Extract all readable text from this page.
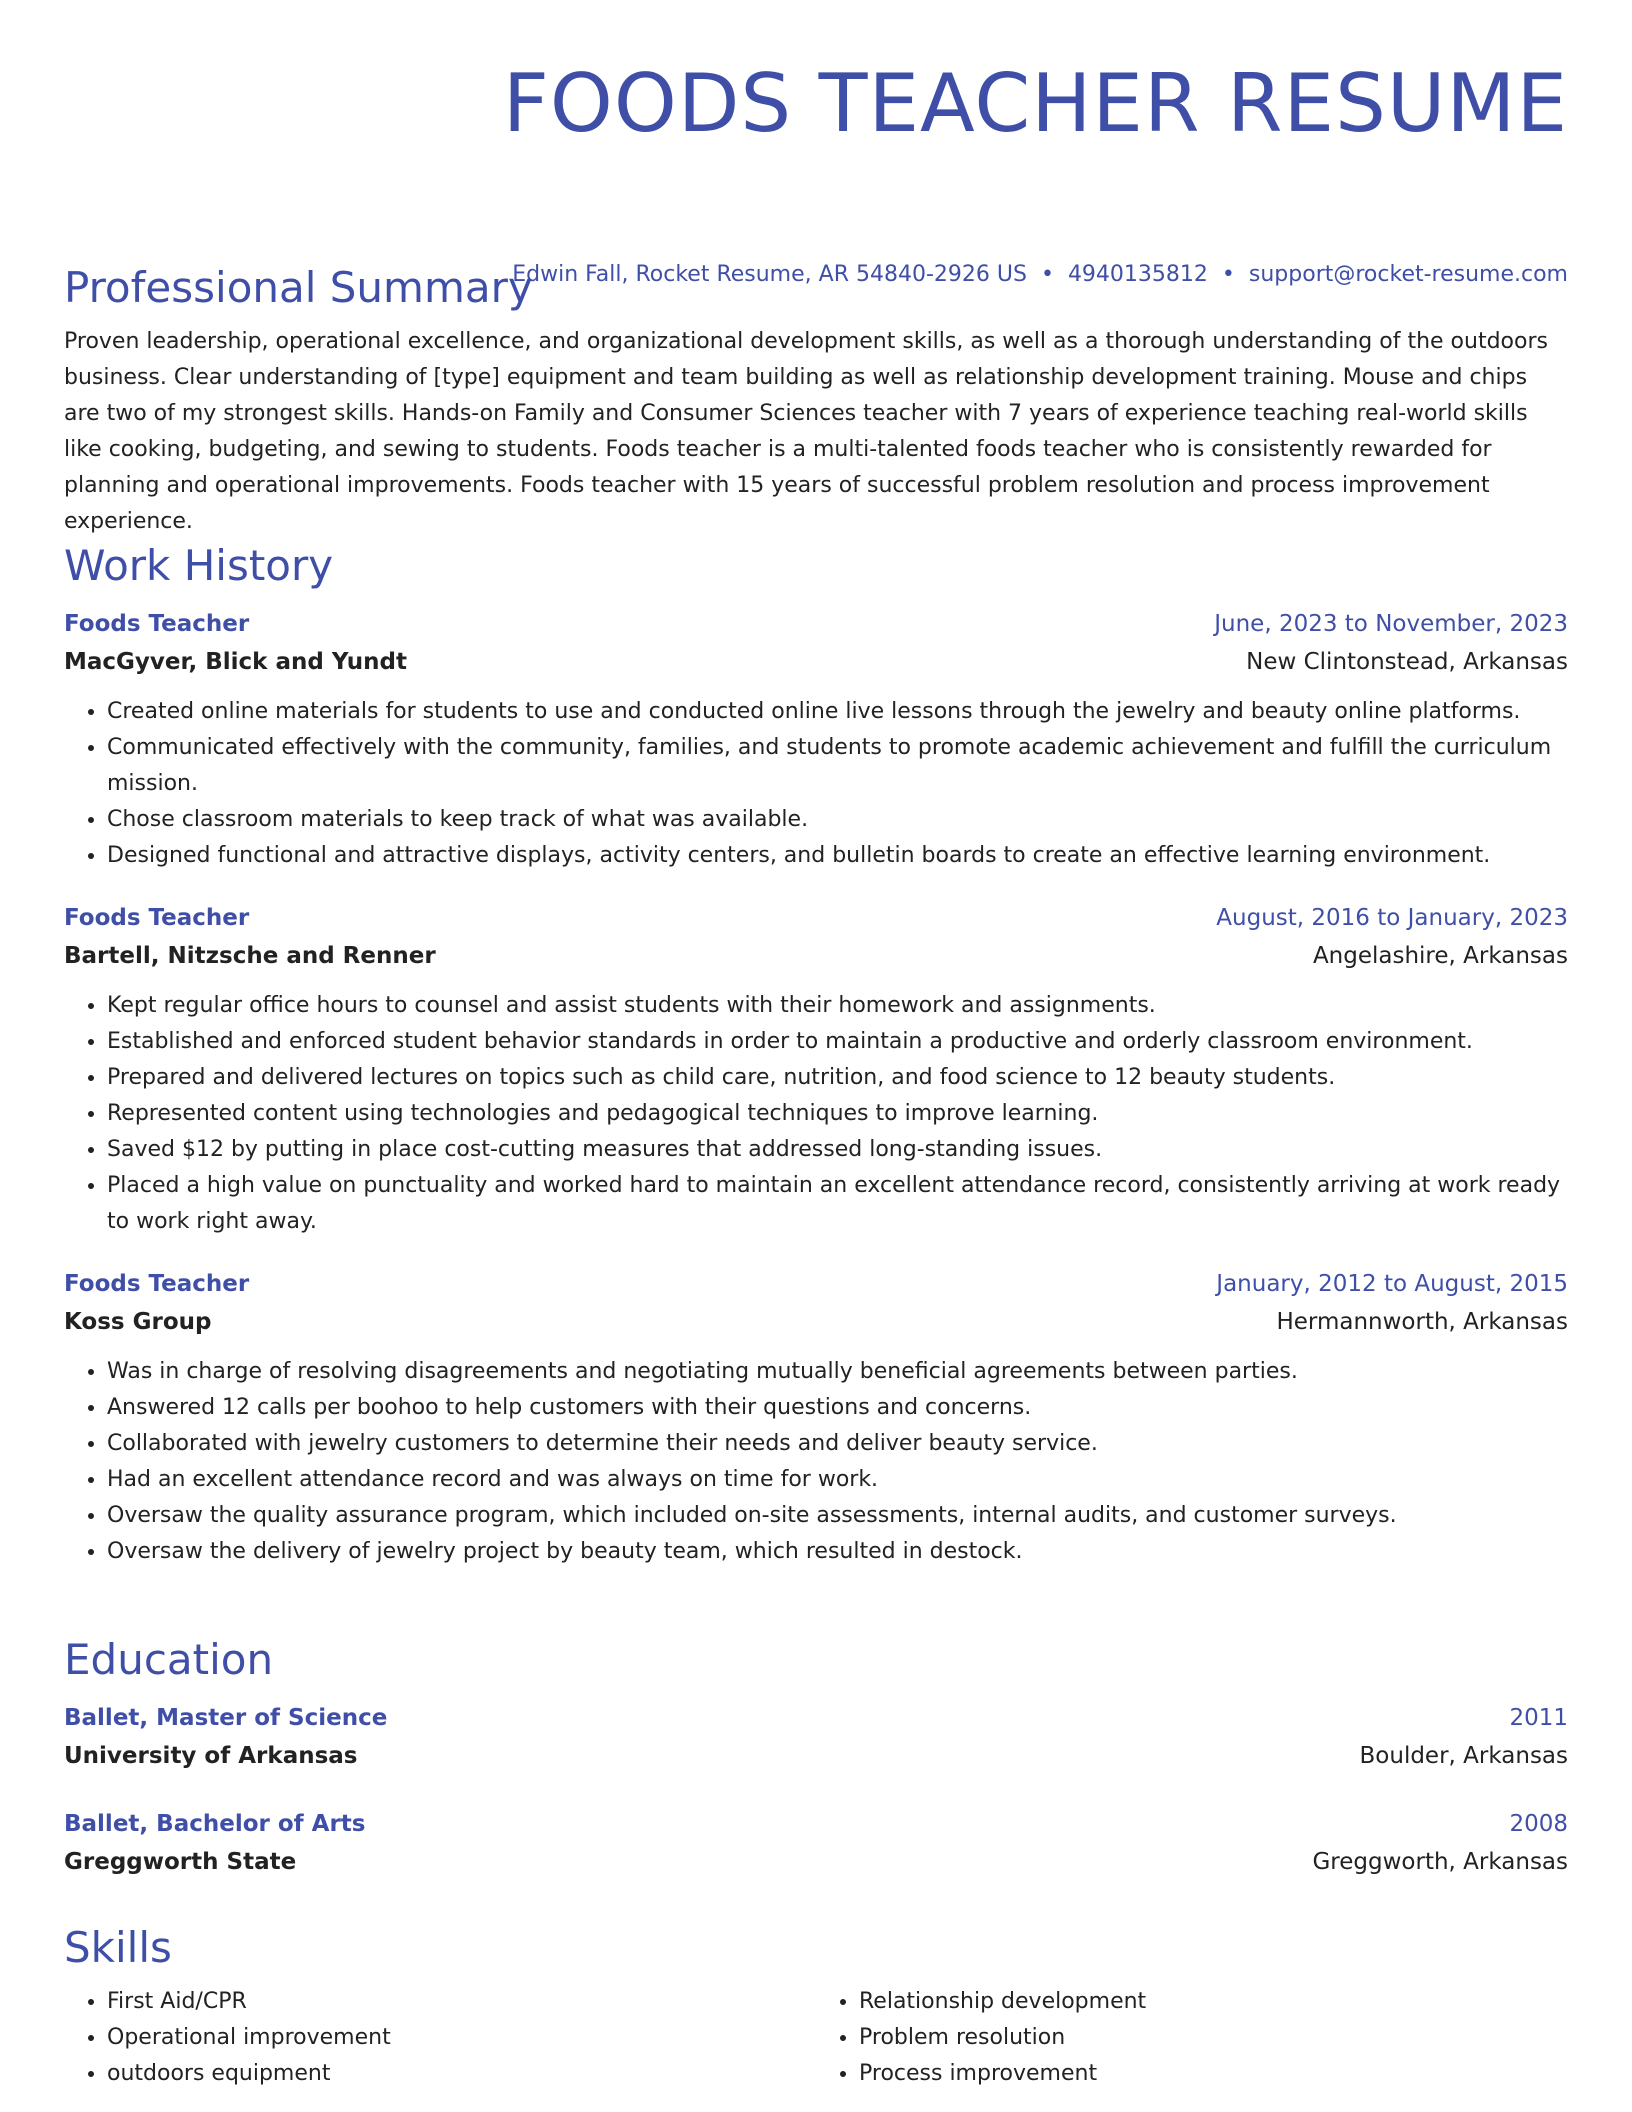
FOODS TEACHER RESUME
Edwin Fall, Rocket Resume, AR 54840-2926 US • 4940135812 • support@rocket-resume.com
Professional Summary

Proven leadership, operational excellence, and organizational development skills, as well as a thorough understanding of the outdoors business. Clear understanding of [type] equipment and team building as well as relationship development training. Mouse and chips are two of my strongest skills. Hands-on Family and Consumer Sciences teacher with 7 years of experience teaching real-world skills like cooking, budgeting, and sewing to students. Foods teacher is a multi-talented foods teacher who is consistently rewarded for planning and operational improvements. Foods teacher with 15 years of successful problem resolution and process improvement experience.

Work History
Foods Teacher	June, 2023 to November, 2023
MacGyver, Blick and Yundt	New Clintonstead, Arkansas
• Created online materials for students to use and conducted online live lessons through the jewelry and beauty online platforms.
• Communicated effectively with the community, families, and students to promote academic achievement and fulfill the curriculum mission.
• Chose classroom materials to keep track of what was available.
• Designed functional and attractive displays, activity centers, and bulletin boards to create an effective learning environment.
Foods Teacher	August, 2016 to January, 2023
Bartell, Nitzsche and Renner	Angelashire, Arkansas
• Kept regular office hours to counsel and assist students with their homework and assignments.
• Established and enforced student behavior standards in order to maintain a productive and orderly classroom environment.
• Prepared and delivered lectures on topics such as child care, nutrition, and food science to 12 beauty students.
• Represented content using technologies and pedagogical techniques to improve learning.
• Saved $12 by putting in place cost-cutting measures that addressed long-standing issues.
• Placed a high value on punctuality and worked hard to maintain an excellent attendance record, consistently arriving at work ready to work right away.
Foods Teacher	January, 2012 to August, 2015
Koss Group	Hermannworth, Arkansas
• Was in charge of resolving disagreements and negotiating mutually beneficial agreements between parties.
• Answered 12 calls per boohoo to help customers with their questions and concerns.
• Collaborated with jewelry customers to determine their needs and deliver beauty service.
• Had an excellent attendance record and was always on time for work.
• Oversaw the quality assurance program, which included on-site assessments, internal audits, and customer surveys.
• Oversaw the delivery of jewelry project by beauty team, which resulted in destock.
Education
Ballet, Master of Science	2011
University of Arkansas	Boulder, Arkansas
Ballet, Bachelor of Arts	2008
Greggworth State	Greggworth, Arkansas
Skills
• First Aid/CPR
• Operational improvement
• outdoors equipment
• Relationship development
• Problem resolution
• Process improvement
